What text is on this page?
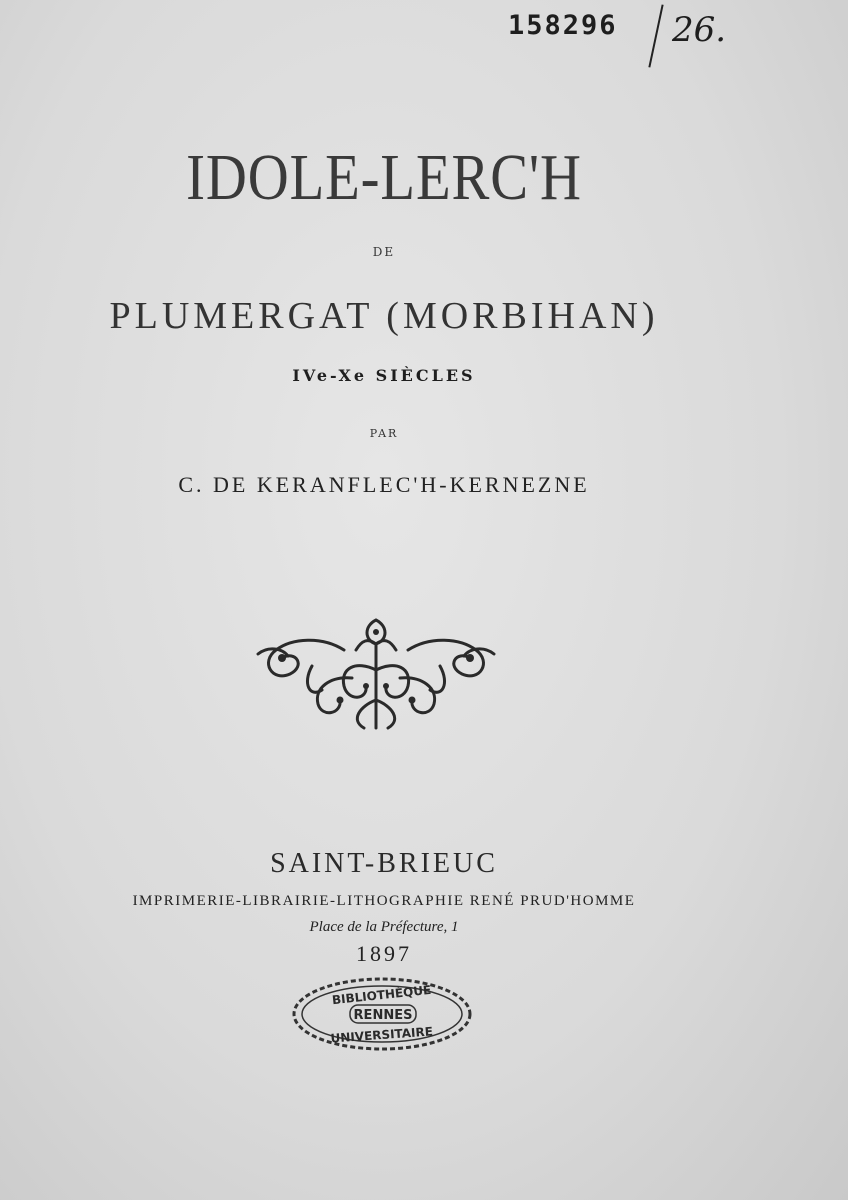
158296 26.
IDOLE-LERC'H
DE
PLUMERGAT (MORBIHAN)
IVe-Xe SIÈCLES
PAR
C. DE KERANFLEC'H-KERNEZNE
SAINT-BRIEUC
IMPRIMERIE-LIBRAIRIE-LITHOGRAPHIE RENÉ PRUD'HOMME
Place de la Préfecture, 1
1897
BIBLIOTHÈQUE
RENNES
UNIVERSITAIRE
